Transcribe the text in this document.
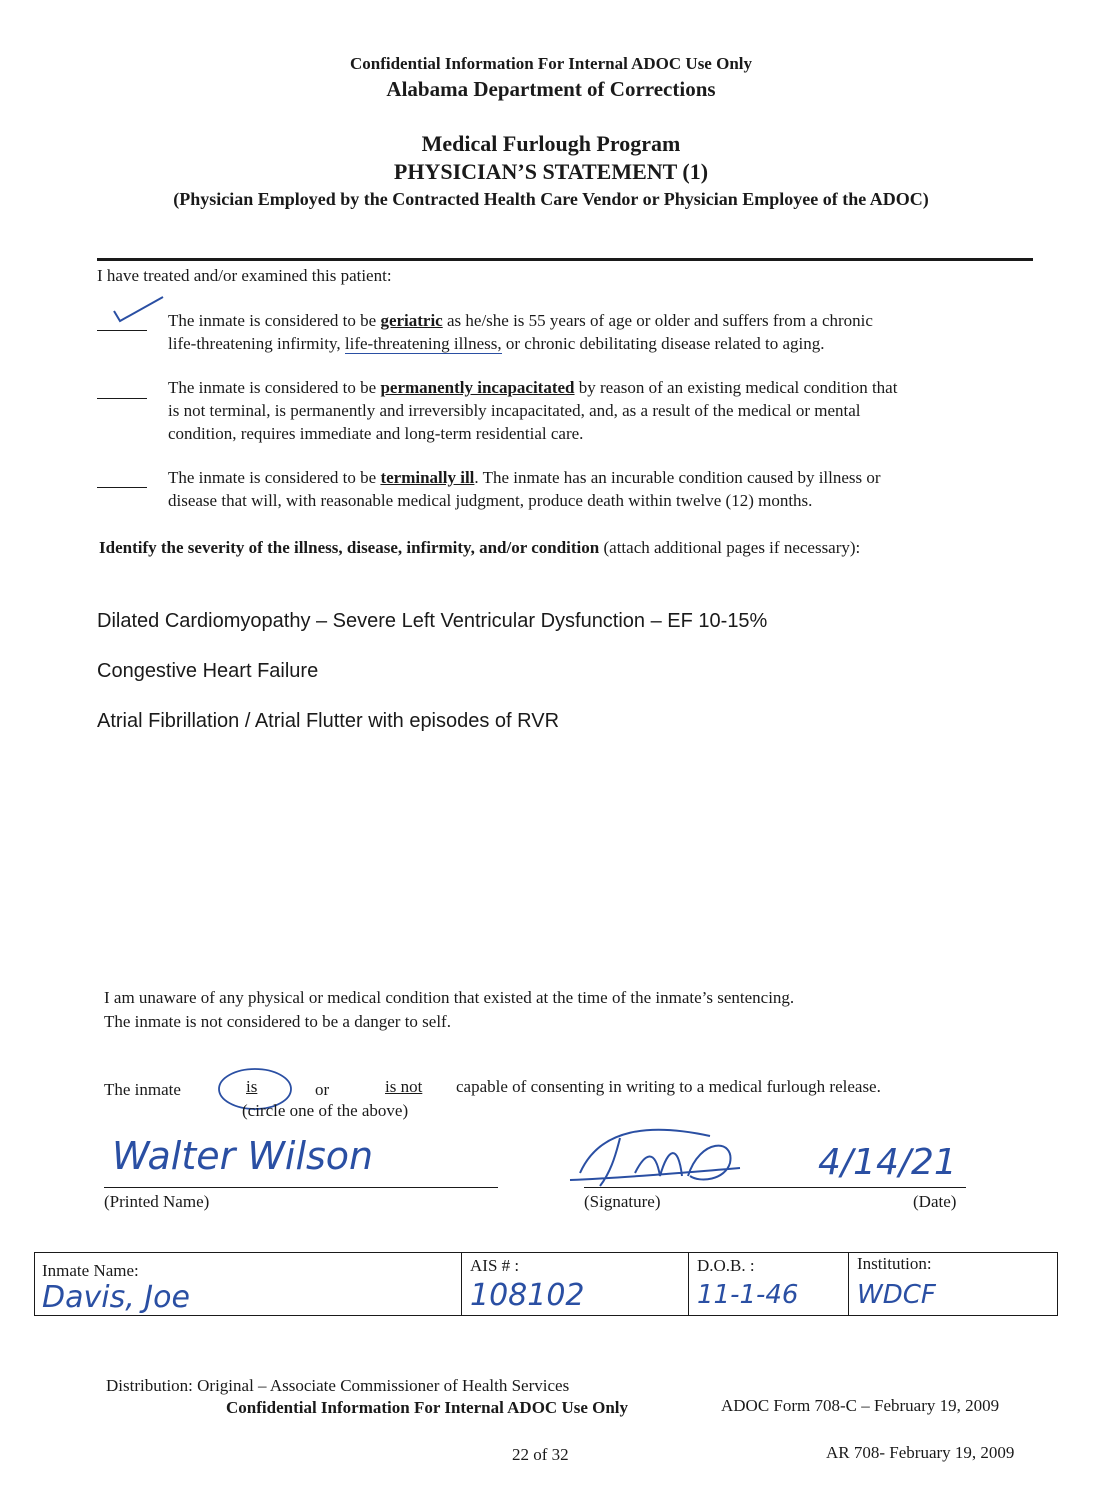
Confidential Information For Internal ADOC Use Only
Alabama Department of Corrections
Medical Furlough Program
PHYSICIAN’S STATEMENT (1)
(Physician Employed by the Contracted Health Care Vendor or Physician Employee of the ADOC)
I have treated and/or examined this patient:
The inmate is considered to be geriatric as he/she is 55 years of age or older and suffers from a chronic
life-threatening infirmity, life-threatening illness, or chronic debilitating disease related to aging.
The inmate is considered to be permanently incapacitated by reason of an existing medical condition that
is not terminal, is permanently and irreversibly incapacitated, and, as a result of the medical or mental
condition, requires immediate and long-term residential care.
The inmate is considered to be terminally ill. The inmate has an incurable condition caused by illness or
disease that will, with reasonable medical judgment, produce death within twelve (12) months.
Identify the severity of the illness, disease, infirmity, and/or condition (attach additional pages if necessary):
Dilated Cardiomyopathy – Severe Left Ventricular Dysfunction – EF 10-15%
Congestive Heart Failure
Atrial Fibrillation / Atrial Flutter with episodes of RVR
I am unaware of any physical or medical condition that existed at the time of the inmate’s sentencing.
The inmate is not considered to be a danger to self.
The inmate	is	or	is not capable of consenting in writing to a medical furlough release.
(circle one of the above)
Walter Wilson
(Printed Name)	(Signature)
4/14/21
(Date)
Inmate Name:
Davis, Joe
AIS # :
108102
D.O.B. :
11-1-46
Institution:
WDCF
Distribution: Original – Associate Commissioner of Health Services
Confidential Information For Internal ADOC Use Only	ADOC Form 708-C – February 19, 2009
22 of 32	AR 708- February 19, 2009
